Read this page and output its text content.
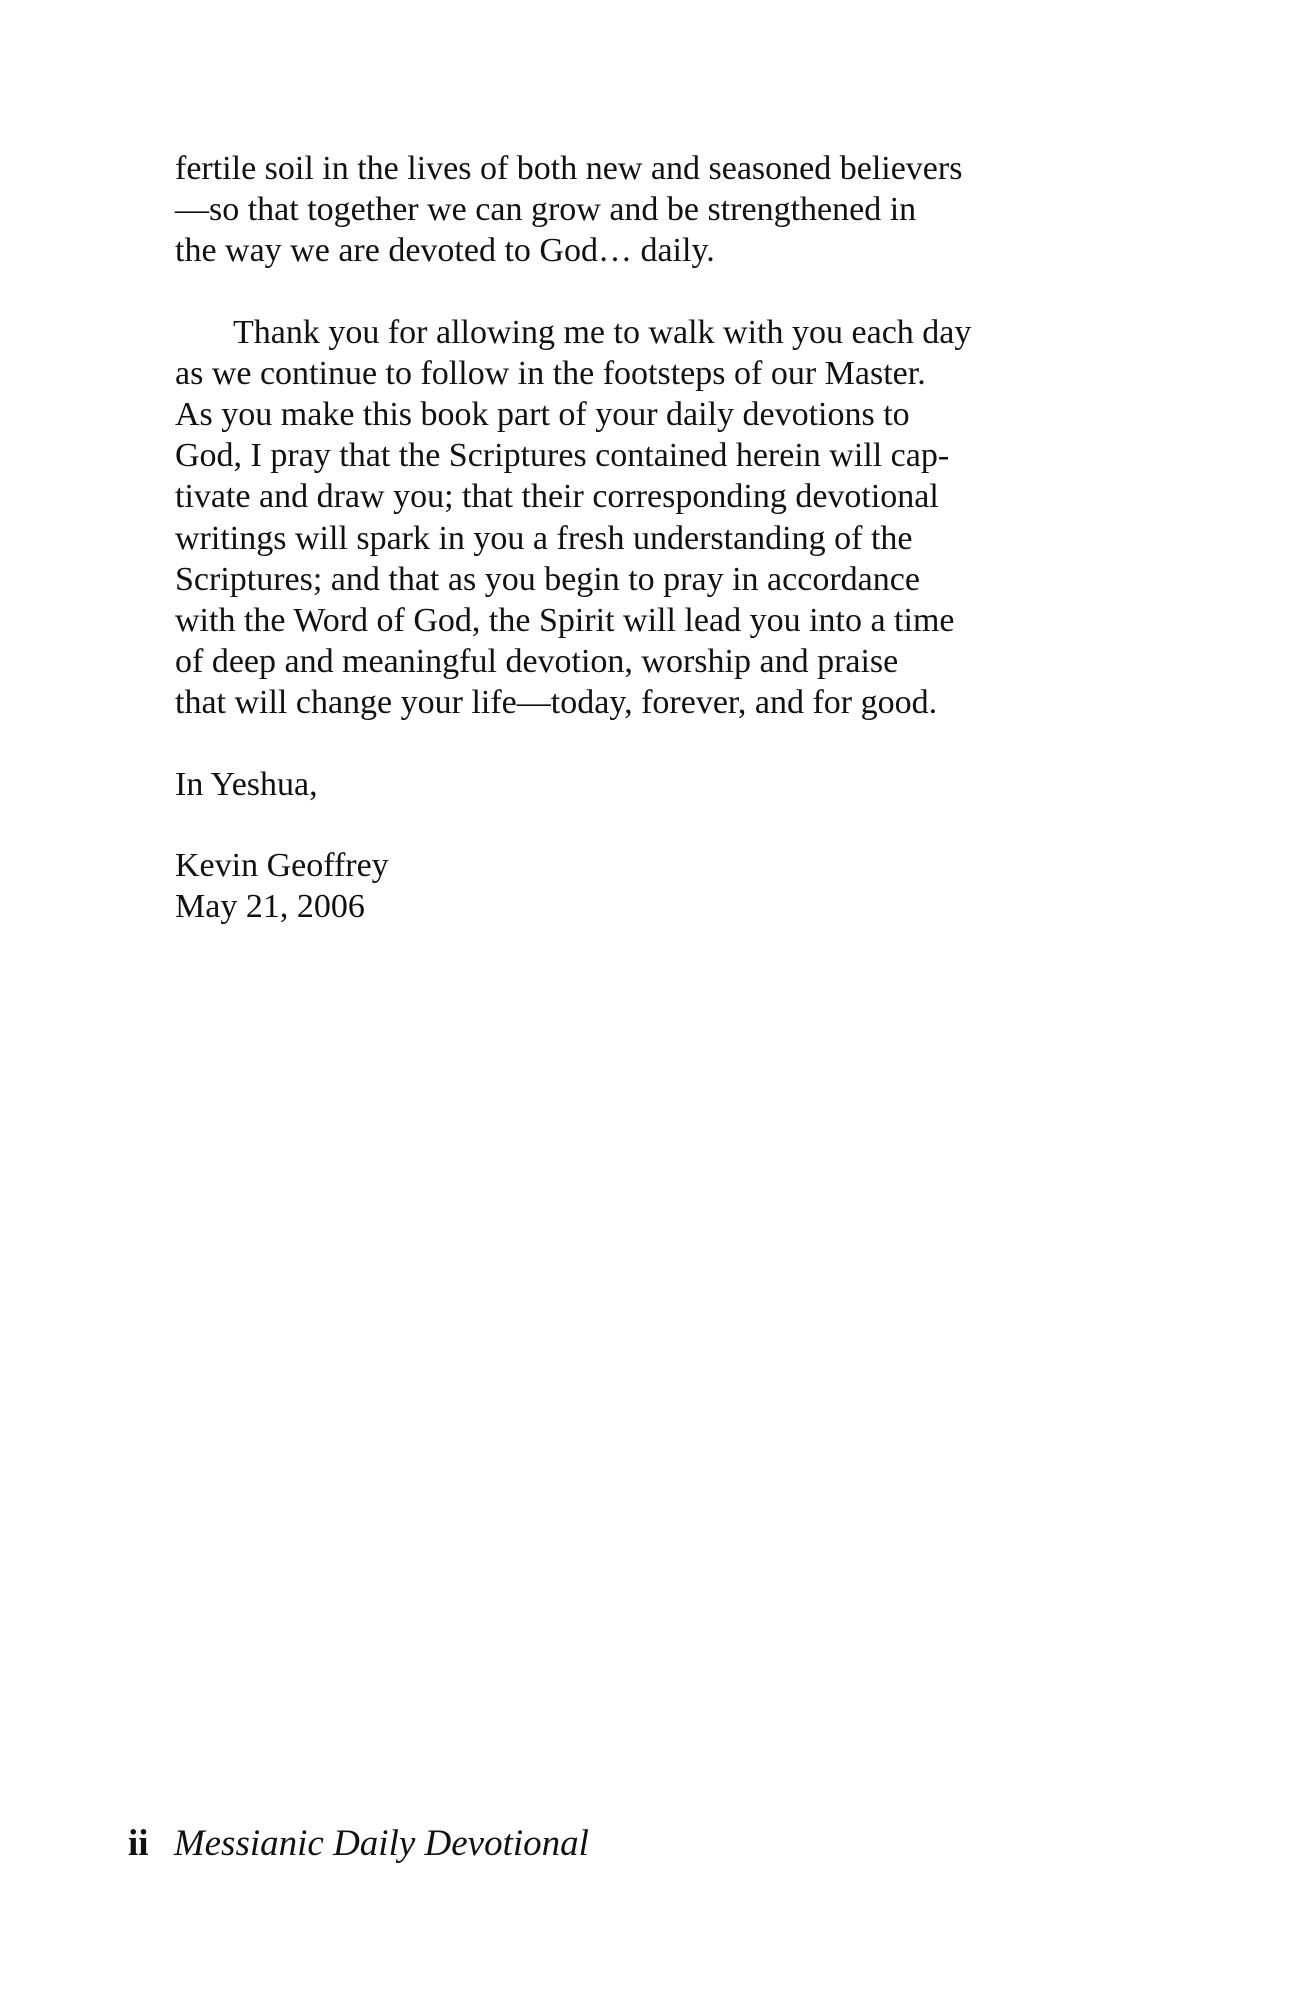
fertile soil in the lives of both new and seasoned believers
—so that together we can grow and be strengthened in
the way we are devoted to God… daily.

Thank you for allowing me to walk with you each day
as we continue to follow in the footsteps of our Master.
As you make this book part of your daily devotions to
God, I pray that the Scriptures contained herein will cap-
tivate and draw you; that their corresponding devotional
writings will spark in you a fresh understanding of the
Scriptures; and that as you begin to pray in accordance
with the Word of God, the Spirit will lead you into a time
of deep and meaningful devotion, worship and praise
that will change your life—today, forever, and for good.

In Yeshua,

Kevin Geoffrey
May 21, 2006
ii Messianic Daily Devotional
